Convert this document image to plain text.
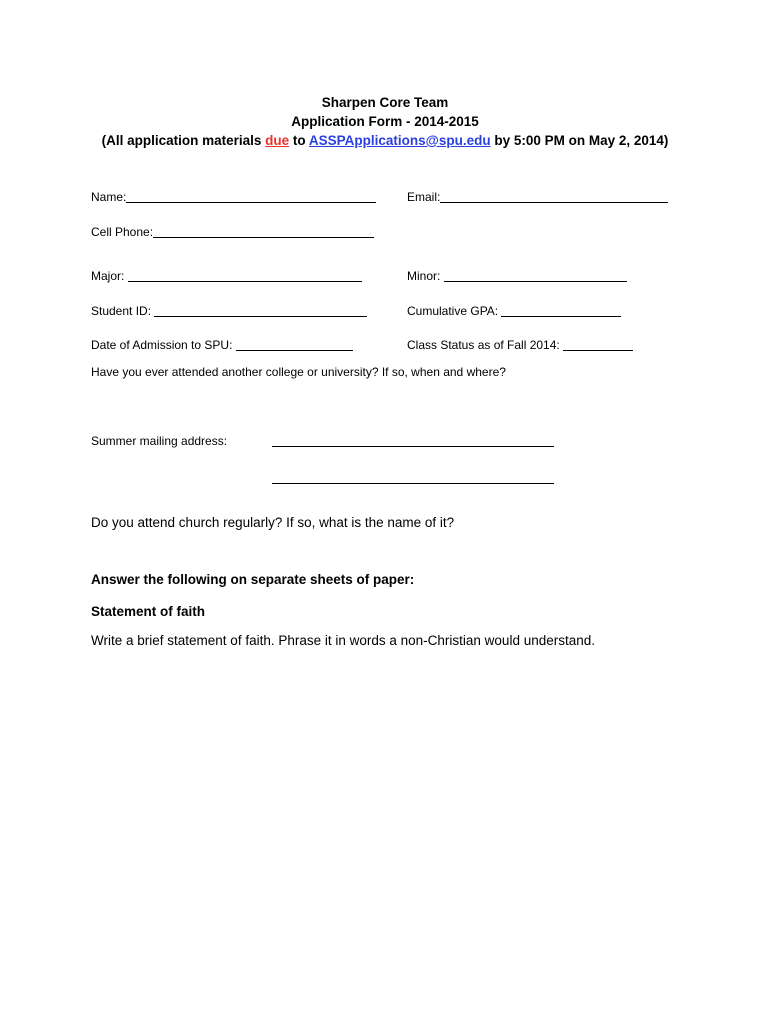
Sharpen Core Team
Application Form - 2014-2015
(All application materials due to ASSPApplications@spu.edu by 5:00 PM on May 2, 2014)
Name:	Email:
Cell Phone:
Major:	Minor:
Student ID:	Cumulative GPA:
Date of Admission to SPU:	Class Status as of Fall 2014:
Have you ever attended another college or university? If so, when and where?
Summer mailing address:
Do you attend church regularly? If so, what is the name of it?
Answer the following on separate sheets of paper:
Statement of faith
Write a brief statement of faith. Phrase it in words a non-Christian would understand.
